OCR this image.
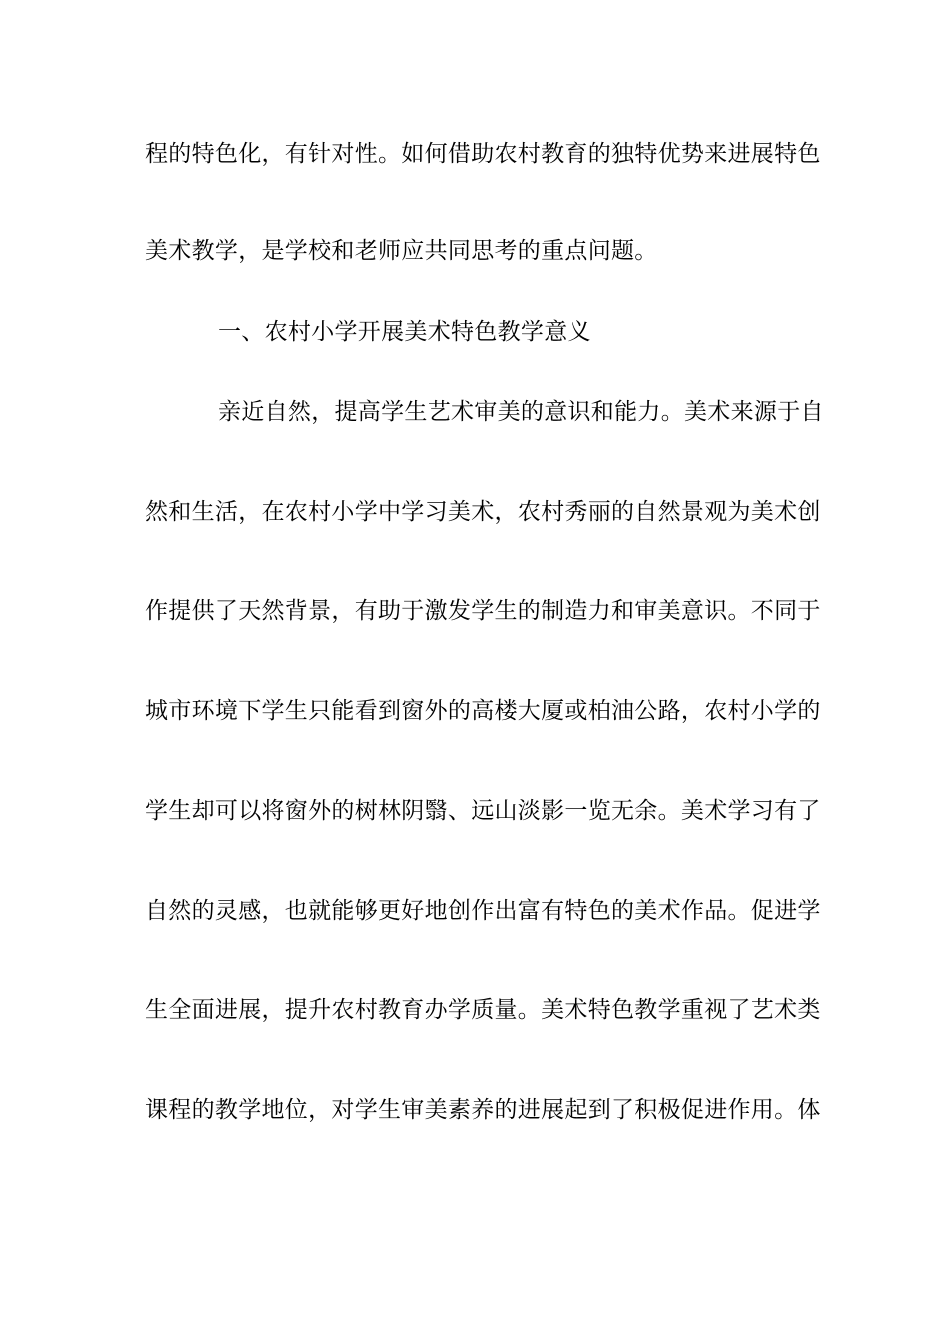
程的特色化，有针对性。如何借助农村教育的独特优势来进展特色
美术教学，是学校和老师应共同思考的重点问题。
一、农村小学开展美术特色教学意义
亲近自然，提高学生艺术审美的意识和能力。美术来源于自
然和生活，在农村小学中学习美术，农村秀丽的自然景观为美术创
作提供了天然背景，有助于激发学生的制造力和审美意识。不同于
城市环境下学生只能看到窗外的高楼大厦或柏油公路，农村小学的
学生却可以将窗外的树林阴翳、远山淡影一览无余。美术学习有了
自然的灵感，也就能够更好地创作出富有特色的美术作品。促进学
生全面进展，提升农村教育办学质量。美术特色教学重视了艺术类
课程的教学地位，对学生审美素养的进展起到了积极促进作用。体
